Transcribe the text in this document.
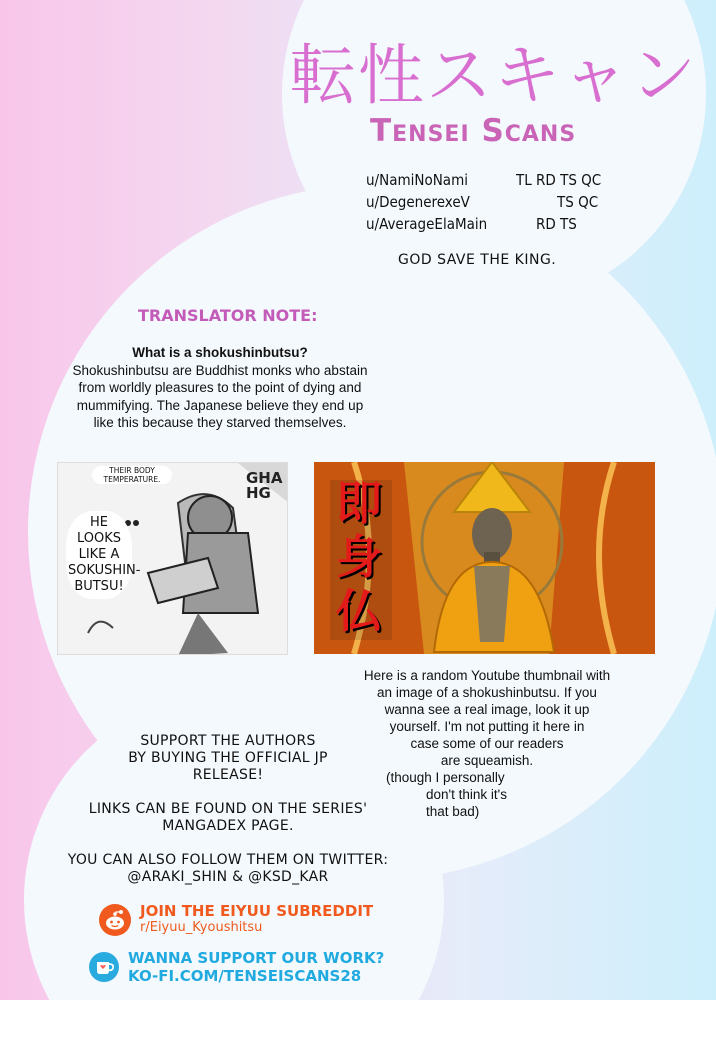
転性スキャン
Tensei Scans
u/NamiNoNami	TL RD TS QC
u/DegenerexeV	TS QC
u/AverageElaMain	RD TS
GOD SAVE THE KING.
TRANSLATOR NOTE:
What is a shokushinbutsu?
Shokushinbutsu are Buddhist monks who abstain from worldly pleasures to the point of dying and mummifying. The Japanese believe they end up like this because they starved themselves.
THEIR BODY TEMPERATURE.
HE LOOKS LIKE A SOKUSHIN-BUTSU!
GHAHG	即
身
仏
Here is a random Youtube thumbnail with
an image of a shokushinbutsu. If you
wanna see a real image, look it up
yourself. I'm not putting it here in
case some of our readers
are squeamish.
(though I personally
don't think it's
that bad)
SUPPORT THE AUTHORS
BY BUYING THE OFFICIAL JP
RELEASE!
LINKS CAN BE FOUND ON THE SERIES'
MANGADEX PAGE.
YOU CAN ALSO FOLLOW THEM ON TWITTER:
@ARAKI_SHIN & @KSD_KAR
JOIN THE EIYUU SUBREDDIT
r/Eiyuu_Kyoushitsu
WANNA SUPPORT OUR WORK?
KO-FI.COM/TENSEISCANS28
